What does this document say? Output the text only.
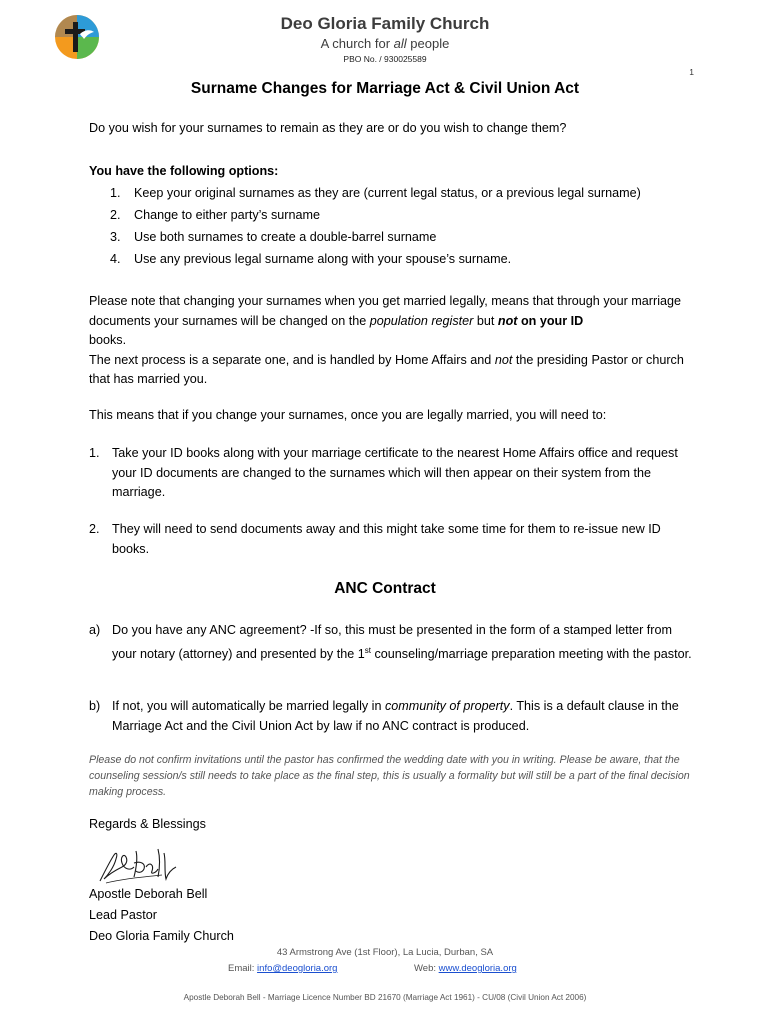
Deo Gloria Family Church
A church for all people
PBO No. / 930025589
1
Surname Changes for Marriage Act & Civil Union Act
Do you wish for your surnames to remain as they are or do you wish to change them?
You have the following options:
1.	Keep your original surnames as they are (current legal status, or a previous legal surname)
2.	Change to either party’s surname
3.	Use both surnames to create a double-barrel surname
4.	Use any previous legal surname along with your spouse’s surname.
Please note that changing your surnames when you get married legally, means that through your marriage documents your surnames will be changed on the population register but not on your ID
books.
The next process is a separate one, and is handled by Home Affairs and not the presiding Pastor or church that has married you.
This means that if you change your surnames, once you are legally married, you will need to:
1. Take your ID books along with your marriage certificate to the nearest Home Affairs office and request your ID documents are changed to the surnames which will then appear on their system from the marriage.
2. They will need to send documents away and this might take some time for them to re-issue new ID books.
ANC Contract
a) Do you have any ANC agreement? -If so, this must be presented in the form of a stamped letter from your notary (attorney) and presented by the 1st counseling/marriage preparation meeting with the pastor.
b) If not, you will automatically be married legally in community of property. This is a default clause in the Marriage Act and the Civil Union Act by law if no ANC contract is produced.
Please do not confirm invitations until the pastor has confirmed the wedding date with you in writing. Please be aware, that the counseling session/s still needs to take place as the final step, this is usually a formality but will still be a part of the final decision making process.
Regards & Blessings
Apostle Deborah Bell
Lead Pastor
Deo Gloria Family Church
43 Armstrong Ave (1st Floor), La Lucia, Durban, SA
Email: info@deogloria.org	Web: www.deogloria.org
Apostle Deborah Bell - Marriage Licence Number BD 21670 (Marriage Act 1961) - CU/08 (Civil Union Act 2006)
